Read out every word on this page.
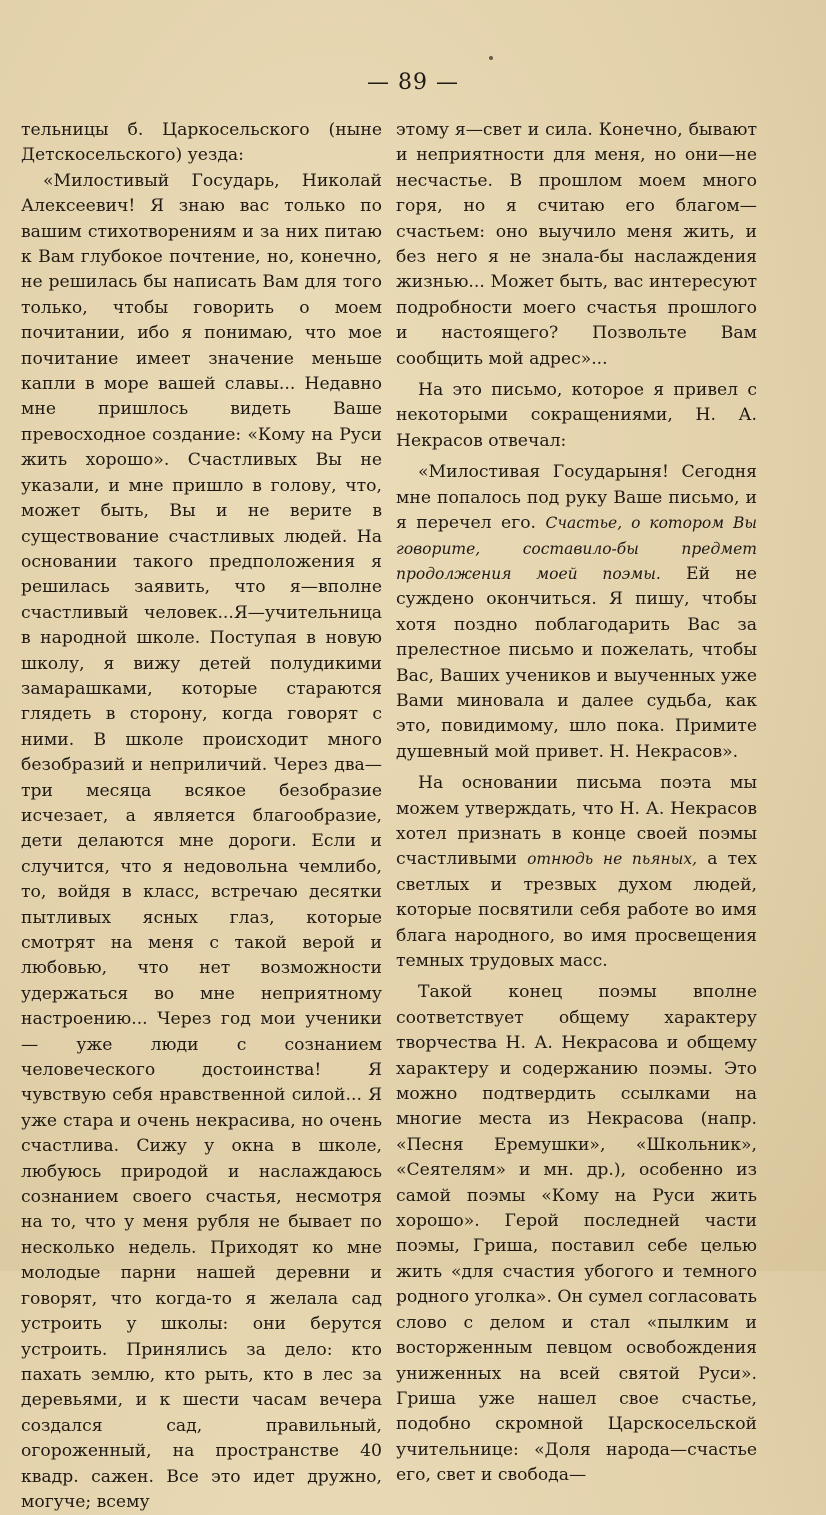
— 89 —

тельницы б. Царкосельского (ныне Детскосельского) уезда:

«Милостивый Государь, Николай Алексеевич! Я знаю вас только по вашим стихотворениям и за них питаю к Вам глубокое почтение, но, конечно, не решилась бы написать Вам для того только, чтобы говорить о моем почитании, ибо я понимаю, что мое почитание имеет значение меньше капли в море вашей славы... Недавно мне пришлось видеть Ваше превосходное создание: «Кому на Руси жить хорошо». Счастливых Вы не указали, и мне пришло в голову, что, может быть, Вы и не верите в существование счастливых людей. На основании такого предположения я решилась заявить, что я—вполне счастливый человек...Я—учительница в народной школе. Поступая в новую школу, я вижу детей полудикими замарашками, которые стараются глядеть в сторону, когда говорят с ними. В школе происходит много безобразий и неприличий. Через два—три месяца всякое безобразие исчезает, а является благообразие, дети делаются мне дороги. Если и случится, что я недовольна чемлибо, то, войдя в класс, встречаю десятки пытливых ясных глаз, которые смотрят на меня с такой верой и любовью, что нет возможности удержаться во мне неприятному настроению... Через год мои ученики— уже люди с сознанием человеческого достоинства! Я чувствую себя нравственной силой... Я уже стара и очень некрасива, но очень счастлива. Сижу у окна в школе, любуюсь природой и наслаждаюсь сознанием своего счастья, несмотря на то, что у меня рубля не бывает по несколько недель. Приходят ко мне молодые парни нашей деревни и говорят, что когда-то я желала сад устроить у школы: они берутся устроить. Принялись за дело: кто пахать землю, кто рыть, кто в лес за деревьями, и к шести часам вечера создался сад, правильный, огороженный, на пространстве 40 квадр. сажен. Все это идет дружно, могуче; всему

этому я—свет и сила. Конечно, бывают и неприятности для меня, но они—не несчастье. В прошлом моем много горя, но я считаю его благом— счастьем: оно выучило меня жить, и без него я не знала-бы наслаждения жизнью... Может быть, вас интересуют подробности моего счастья прошлого и настоящего? Позвольте Вам сообщить мой адрес»...

На это письмо, которое я привел с некоторыми сокращениями, Н. А. Некрасов отвечал:

«Милостивая Государыня! Сегодня мне попалось под руку Ваше письмо, и я перечел его. Счастье, о котором Вы говорите, составило-бы предмет продолжения моей поэмы. Ей не суждено окончиться. Я пишу, чтобы хотя поздно поблагодарить Вас за прелестное письмо и пожелать, чтобы Вас, Ваших учеников и выученных уже Вами миновала и далее судьба, как это, повидимому, шло пока. Примите душевный мой привет. Н. Некрасов».

На основании письма поэта мы можем утверждать, что Н. А. Некрасов хотел признать в конце своей поэмы счастливыми отнюдь не пьяных, а тех светлых и трезвых духом людей, которые посвятили себя работе во имя блага народного, во имя просвещения темных трудовых масс.

Такой конец поэмы вполне соответствует общему характеру творчества Н. А. Некрасова и общему характеру и содержанию поэмы. Это можно подтвердить ссылками на многие места из Некрасова (напр. «Песня Еремушки», «Школьник», «Сеятелям» и мн. др.), особенно из самой поэмы «Кому на Руси жить хорошо». Герой последней части поэмы, Гриша, поставил себе целью жить «для счастия убогого и темного родного уголка». Он сумел согласовать слово с делом и стал «пылким и восторженным певцом освобождения униженных на всей святой Руси». Гриша уже нашел свое счастье, подобно скромной Царскосельской учительнице: «Доля народа—счастье его, свет и свобода—
